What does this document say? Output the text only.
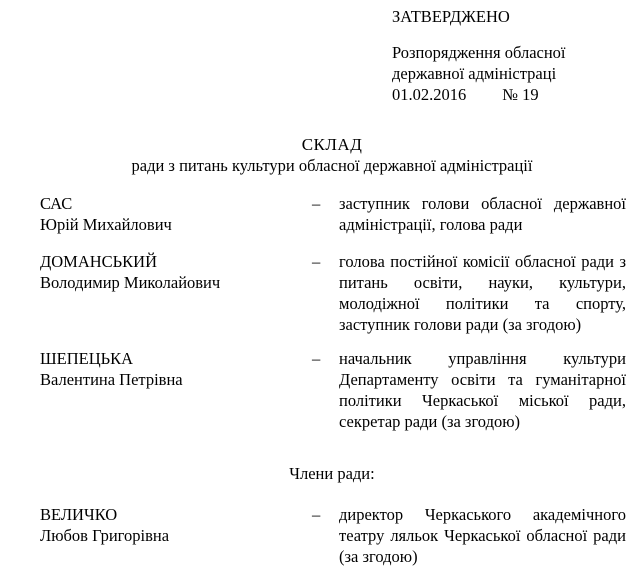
ЗАТВЕРДЖЕНО
Розпорядження обласної
державної адміністраці
01.02.2016 № 19
СКЛАД
ради з питань культури обласної державної адміністрації
САС
Юрій Михайлович
– заступник голови обласної державної адміністрації, голова ради
ДОМАНСЬКИЙ
Володимир Миколайович
– голова постійної комісії обласної ради з питань освіти, науки, культури, молодіжної політики та спорту, заступник голови ради (за згодою)
ШЕПЕЦЬКА
Валентина Петрівна
– начальник управління культури Департаменту освіти та гуманітарної політики Черкаської міської ради, секретар ради (за згодою)
Члени ради:
ВЕЛИЧКО
Любов Григорівна
– директор Черкаського академічного театру ляльок Черкаської обласної ради (за згодою)
